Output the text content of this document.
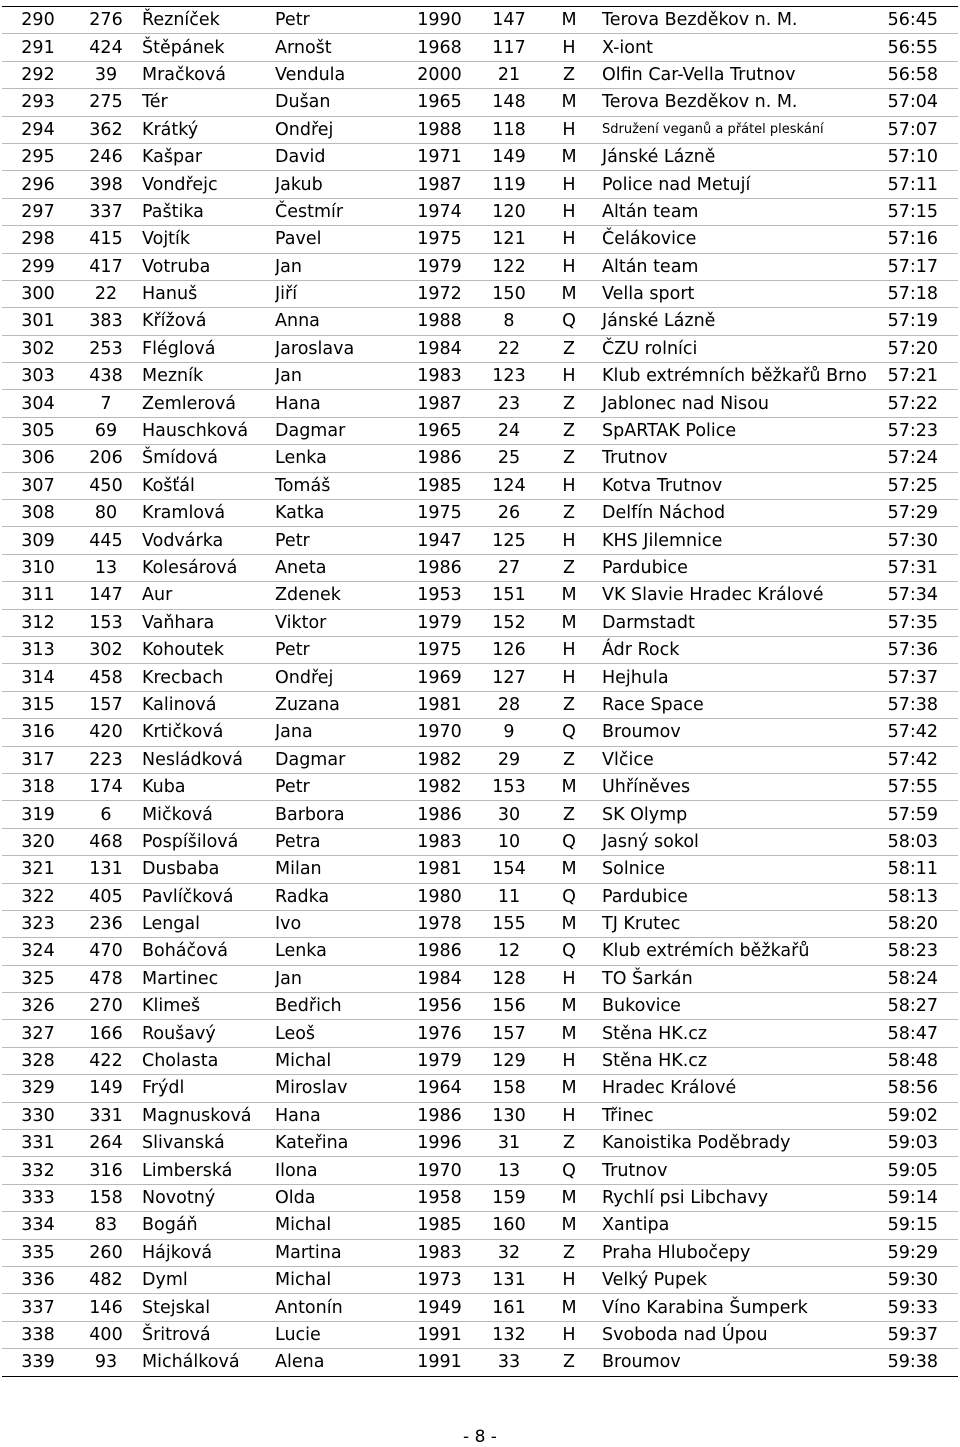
290	276	Řezníček	Petr	1990	147	M	Terova Bezděkov n. M.	56:45
291	424	Štěpánek	Arnošt	1968	117	H	X-iont	56:55
292	39	Mračková	Vendula	2000	21	Z	Olfin Car-Vella Trutnov	56:58
293	275	Tér	Dušan	1965	148	M	Terova Bezděkov n. M.	57:04
294	362	Krátký	Ondřej	1988	118	H	Sdružení veganů a přátel pleskání	57:07
295	246	Kašpar	David	1971	149	M	Jánské Lázně	57:10
296	398	Vondřejc	Jakub	1987	119	H	Police nad Metují	57:11
297	337	Paštika	Čestmír	1974	120	H	Altán team	57:15
298	415	Vojtík	Pavel	1975	121	H	Čelákovice	57:16
299	417	Votruba	Jan	1979	122	H	Altán team	57:17
300	22	Hanuš	Jiří	1972	150	M	Vella sport	57:18
301	383	Křížová	Anna	1988	8	Q	Jánské Lázně	57:19
302	253	Fléglová	Jaroslava	1984	22	Z	ČZU rolníci	57:20
303	438	Mezník	Jan	1983	123	H	Klub extrémních běžkařů Brno	57:21
304	7	Zemlerová	Hana	1987	23	Z	Jablonec nad Nisou	57:22
305	69	Hauschková	Dagmar	1965	24	Z	SpARTAK Police	57:23
306	206	Šmídová	Lenka	1986	25	Z	Trutnov	57:24
307	450	Košťál	Tomáš	1985	124	H	Kotva Trutnov	57:25
308	80	Kramlová	Katka	1975	26	Z	Delfín Náchod	57:29
309	445	Vodvárka	Petr	1947	125	H	KHS Jilemnice	57:30
310	13	Kolesárová	Aneta	1986	27	Z	Pardubice	57:31
311	147	Aur	Zdenek	1953	151	M	VK Slavie Hradec Králové	57:34
312	153	Vaňhara	Viktor	1979	152	M	Darmstadt	57:35
313	302	Kohoutek	Petr	1975	126	H	Ádr Rock	57:36
314	458	Krecbach	Ondřej	1969	127	H	Hejhula	57:37
315	157	Kalinová	Zuzana	1981	28	Z	Race Space	57:38
316	420	Krtičková	Jana	1970	9	Q	Broumov	57:42
317	223	Nesládková	Dagmar	1982	29	Z	Vlčice	57:42
318	174	Kuba	Petr	1982	153	M	Uhříněves	57:55
319	6	Mičková	Barbora	1986	30	Z	SK Olymp	57:59
320	468	Pospíšilová	Petra	1983	10	Q	Jasný sokol	58:03
321	131	Dusbaba	Milan	1981	154	M	Solnice	58:11
322	405	Pavlíčková	Radka	1980	11	Q	Pardubice	58:13
323	236	Lengal	Ivo	1978	155	M	TJ Krutec	58:20
324	470	Boháčová	Lenka	1986	12	Q	Klub extrémích běžkařů	58:23
325	478	Martinec	Jan	1984	128	H	TO Šarkán	58:24
326	270	Klimeš	Bedřich	1956	156	M	Bukovice	58:27
327	166	Roušavý	Leoš	1976	157	M	Stěna HK.cz	58:47
328	422	Cholasta	Michal	1979	129	H	Stěna HK.cz	58:48
329	149	Frýdl	Miroslav	1964	158	M	Hradec Králové	58:56
330	331	Magnusková	Hana	1986	130	H	Třinec	59:02
331	264	Slivanská	Kateřina	1996	31	Z	Kanoistika Poděbrady	59:03
332	316	Limberská	Ilona	1970	13	Q	Trutnov	59:05
333	158	Novotný	Olda	1958	159	M	Rychlí psi Libchavy	59:14
334	83	Bogáň	Michal	1985	160	M	Xantipa	59:15
335	260	Hájková	Martina	1983	32	Z	Praha Hlubočepy	59:29
336	482	Dyml	Michal	1973	131	H	Velký Pupek	59:30
337	146	Stejskal	Antonín	1949	161	M	Víno Karabina Šumperk	59:33
338	400	Šritrová	Lucie	1991	132	H	Svoboda nad Úpou	59:37
339	93	Michálková	Alena	1991	33	Z	Broumov	59:38
- 8 -
